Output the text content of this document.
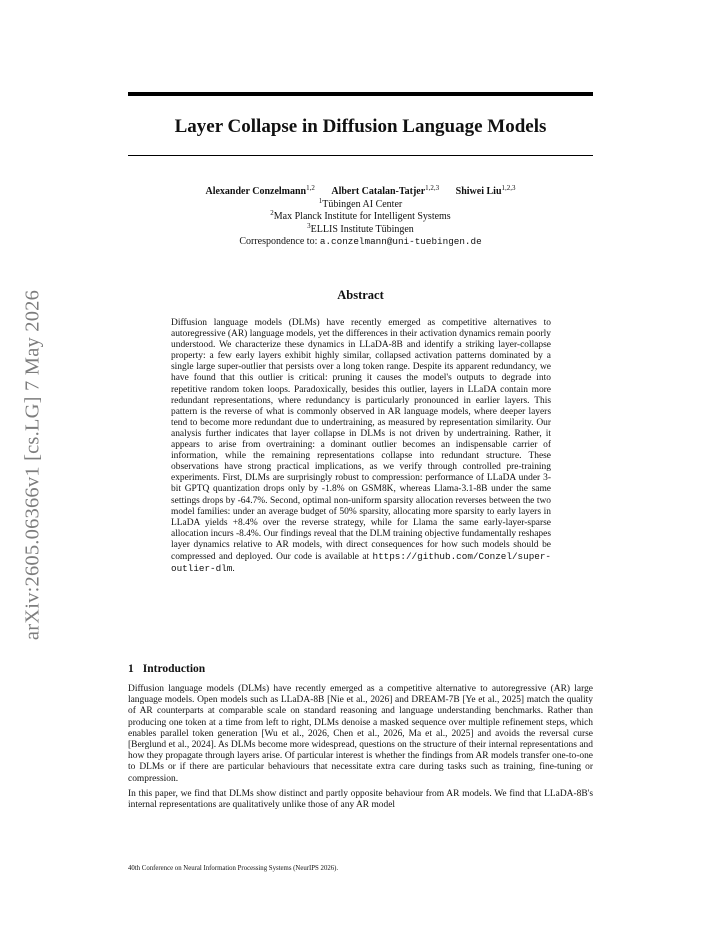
arXiv:2605.06366v1 [cs.LG] 7 May 2026
Layer Collapse in Diffusion Language Models
Alexander Conzelmann$^{1,2}$ Albert Catalan-Tatjer$^{1,2,3}$ Shiwei Liu$^{1,2,3}$
$^1$Tübingen AI Center
$^2$Max Planck Institute for Intelligent Systems
$^3$ELLIS Institute Tübingen
Correspondence to: a.conzelmann@uni-tuebingen.de
Abstract

Diffusion language models (DLMs) have recently emerged as competitive alternatives to autoregressive (AR) language models, yet the differences in their activation dynamics remain poorly understood. We characterize these dynamics in LLaDA-8B and identify a striking layer-collapse property: a few early layers exhibit highly similar, collapsed activation patterns dominated by a single large super-outlier that persists over a long token range. Despite its apparent redundancy, we have found that this outlier is critical: pruning it causes the model's outputs to degrade into repetitive random token loops. Paradoxically, besides this outlier, layers in LLaDA contain more redundant representations, where redundancy is particularly pronounced in earlier layers. This pattern is the reverse of what is commonly observed in AR language models, where deeper layers tend to become more redundant due to undertraining, as measured by representation similarity. Our analysis further indicates that layer collapse in DLMs is not driven by undertraining. Rather, it appears to arise from overtraining: a dominant outlier becomes an indispensable carrier of information, while the remaining representations collapse into redundant structure. These observations have strong practical implications, as we verify through controlled pre-training experiments. First, DLMs are surprisingly robust to compression: performance of LLaDA under 3-bit GPTQ quantization drops only by -1.8% on GSM8K, whereas Llama-3.1-8B under the same settings drops by -64.7%. Second, optimal non-uniform sparsity allocation reverses between the two model families: under an average budget of 50% sparsity, allocating more sparsity to early layers in LLaDA yields +8.4% over the reverse strategy, while for Llama the same early-layer-sparse allocation incurs -8.4%. Our findings reveal that the DLM training objective fundamentally reshapes layer dynamics relative to AR models, with direct consequences for how such models should be compressed and deployed. Our code is available at https://github.com/Conzel/super-outlier-dlm.

1 Introduction

Diffusion language models (DLMs) have recently emerged as a competitive alternative to autoregressive (AR) large language models. Open models such as LLaDA-8B [Nie et al., 2026] and DREAM-7B [Ye et al., 2025] match the quality of AR counterparts at comparable scale on standard reasoning and language understanding benchmarks. Rather than producing one token at a time from left to right, DLMs denoise a masked sequence over multiple refinement steps, which enables parallel token generation [Wu et al., 2026, Chen et al., 2026, Ma et al., 2025] and avoids the reversal curse [Berglund et al., 2024]. As DLMs become more widespread, questions on the structure of their internal representations and how they propagate through layers arise. Of particular interest is whether the findings from AR models transfer one-to-one to DLMs or if there are particular behaviours that necessitate extra care during tasks such as training, fine-tuning or compression.

In this paper, we find that DLMs show distinct and partly opposite behaviour from AR models. We find that LLaDA-8B's internal representations are qualitatively unlike those of any AR model

40th Conference on Neural Information Processing Systems (NeurIPS 2026).
